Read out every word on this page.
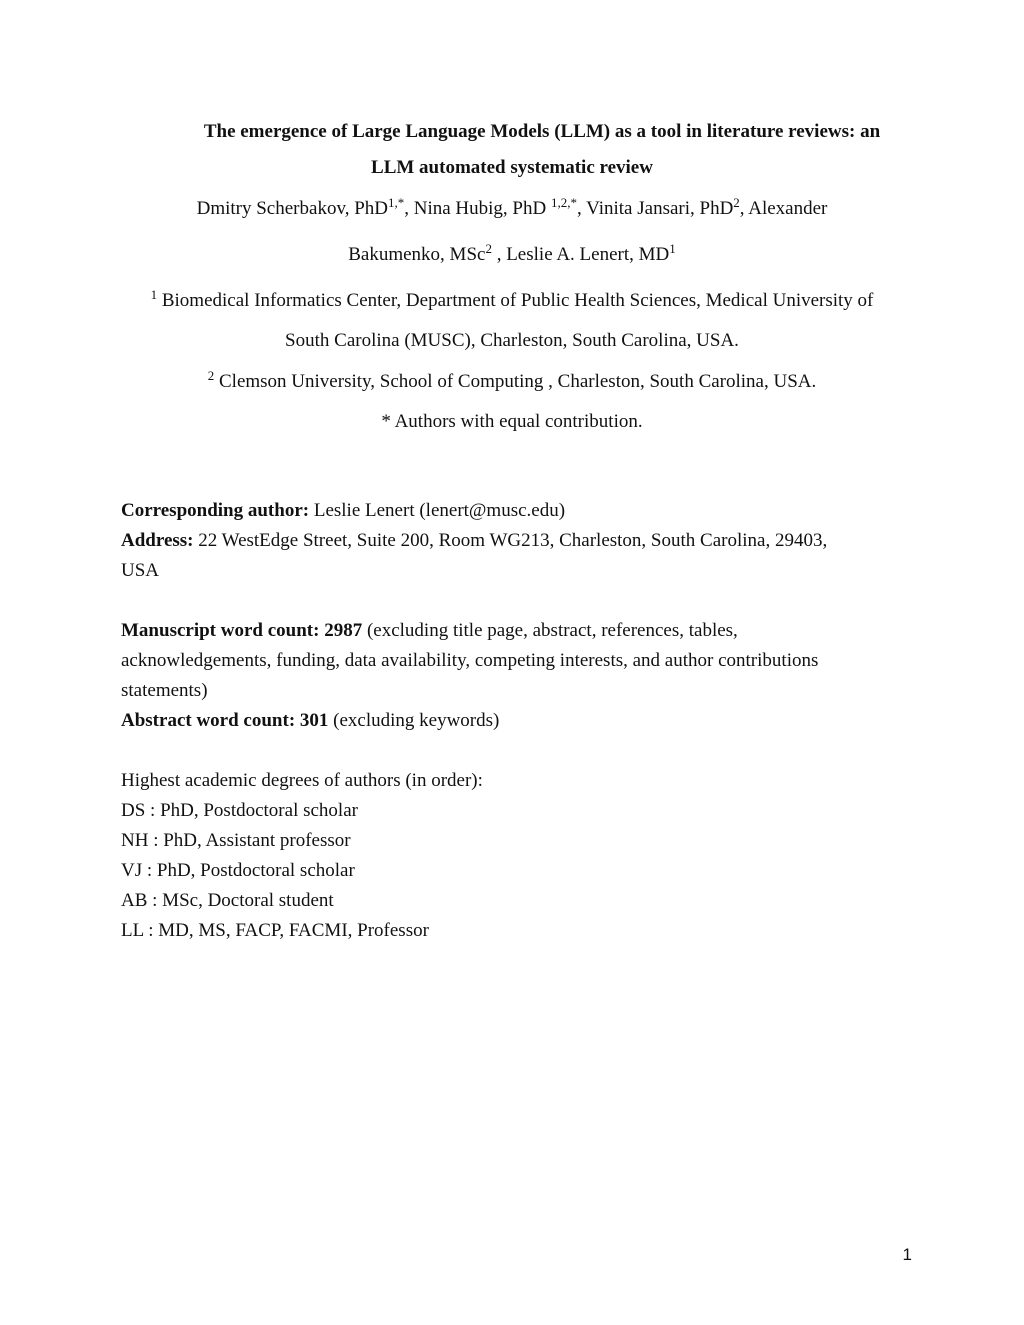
The emergence of Large Language Models (LLM) as a tool in literature reviews: an
LLM automated systematic review
Dmitry Scherbakov, PhD$^{1,*}$, Nina Hubig, PhD $^{1,2,*}$, Vinita Jansari, PhD$^2$, Alexander
Bakumenko, MSc$^2$ , Leslie A. Lenert, $MD^1$
$^1$ Biomedical Informatics Center, Department of Public Health Sciences, Medical University of
South Carolina (MUSC), Charleston, South Carolina, USA.
$^2$ Clemson University, School of Computing , Charleston, South Carolina, USA.
* Authors with equal contribution.
Corresponding author: Leslie Lenert (lenert@musc.edu)
Address: 22 WestEdge Street, Suite 200, Room WG213, Charleston, South Carolina, 29403,
USA
Manuscript word count: 2987 (excluding title page, abstract, references, tables,
acknowledgements, funding, data availability, competing interests, and author contributions
statements)
Abstract word count: 301 (excluding keywords)
Highest academic degrees of authors (in order):
DS : PhD, Postdoctoral scholar
NH : PhD, Assistant professor
VJ : PhD, Postdoctoral scholar
AB : MSc, Doctoral student
LL : MD, MS, FACP, FACMI, Professor
1
